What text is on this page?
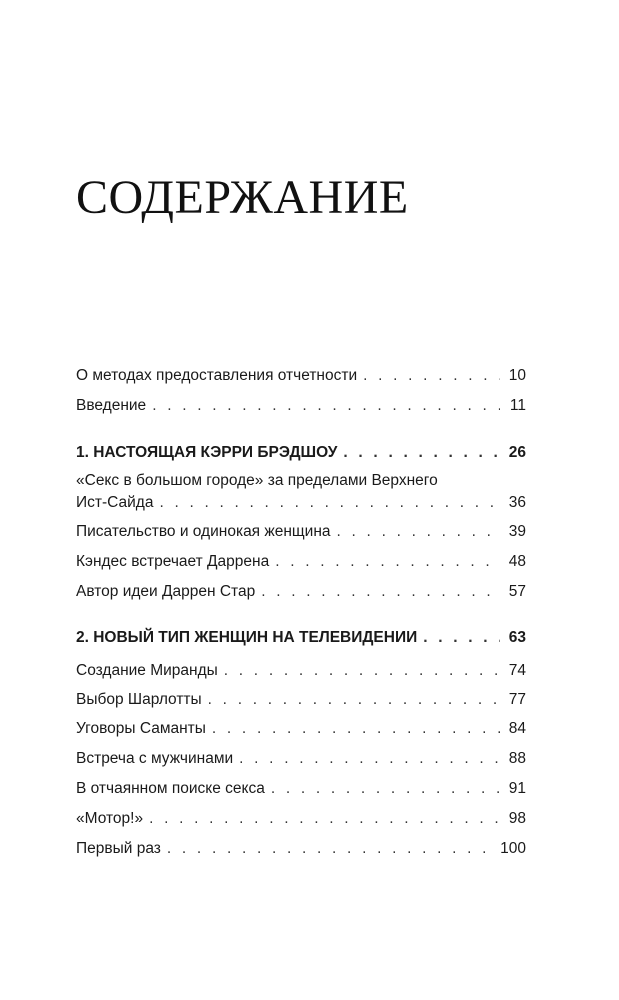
СОДЕРЖАНИЕ
О методах предоставления отчетности . . .	10
Введение . . .	11
1. НАСТОЯЩАЯ КЭРРИ БРЭДШОУ . . .	26
«Секс в большом городе» за пределами Верхнего
Ист-Сайда . . .	36
Писательство и одинокая женщина . . .	39
Кэндес встречает Даррена . . .	48
Автор идеи Даррен Стар . . .	57
2. НОВЫЙ ТИП ЖЕНЩИН НА ТЕЛЕВИДЕНИИ . . .	63
Создание Миранды . . .	74
Выбор Шарлотты . . .	77
Уговоры Саманты . . .	84
Встреча с мужчинами . . .	88
В отчаянном поиске секса . . .	91
«Мотор!» . . .	98
Первый раз . . .	100
